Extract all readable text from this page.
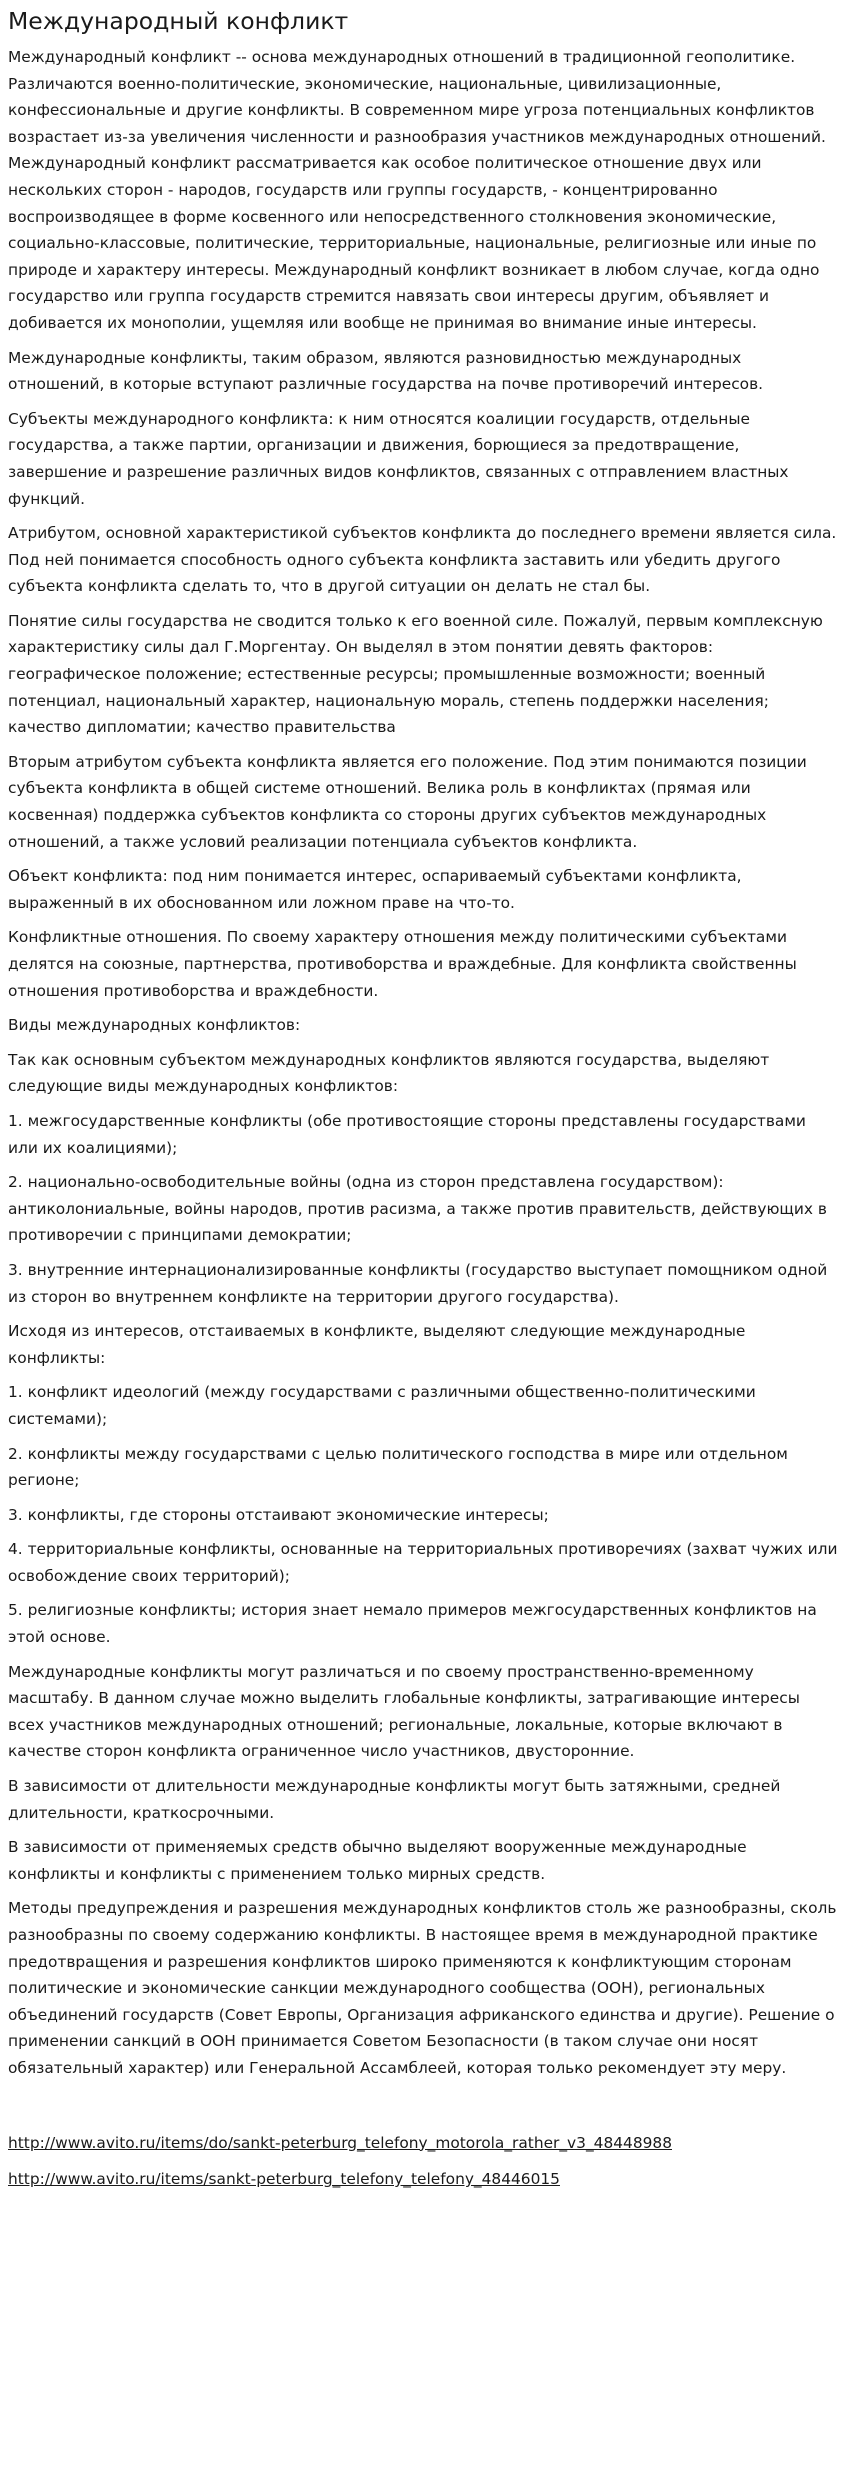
Международный конфликт

Международный конфликт -- основа международных отношений в традиционной геополитике. Различаются военно-политические, экономические, национальные, цивилизационные, конфессиональные и другие конфликты. В современном мире угроза потенциальных конфликтов возрастает из-за увеличения численности и разнообразия участников международных отношений. Международный конфликт рассматривается как особое политическое отношение двух или нескольких сторон - народов, государств или группы государств, - концентрированно воспроизводящее в форме косвенного или непосредственного столкновения экономические, социально-классовые, политические, территориальные, национальные, религиозные или иные по природе и характеру интересы. Международный конфликт возникает в любом случае, когда одно государство или группа государств стремится навязать свои интересы другим, объявляет и добивается их монополии, ущемляя или вообще не принимая во внимание иные интересы.

Международные конфликты, таким образом, являются разновидностью международных отношений, в которые вступают различные государства на почве противоречий интересов.

Субъекты международного конфликта: к ним относятся коалиции государств, отдельные государства, а также партии, организации и движения, борющиеся за предотвращение, завершение и разрешение различных видов конфликтов, связанных с отправлением властных функций.

Атрибутом, основной характеристикой субъектов конфликта до последнего времени является сила. Под ней понимается способность одного субъекта конфликта заставить или убедить другого субъекта конфликта сделать то, что в другой ситуации он делать не стал бы.

Понятие силы государства не сводится только к его военной силе. Пожалуй, первым комплексную характеристику силы дал Г.Моргентау. Он выделял в этом понятии девять факторов: географическое положение; естественные ресурсы; промышленные возможности; военный потенциал, национальный характер, национальную мораль, степень поддержки населения; качество дипломатии; качество правительства

Вторым атрибутом субъекта конфликта является его положение. Под этим понимаются позиции субъекта конфликта в общей системе отношений. Велика роль в конфликтах (прямая или косвенная) поддержка субъектов конфликта со стороны других субъектов международных отношений, а также условий реализации потенциала субъектов конфликта.

Объект конфликта: под ним понимается интерес, оспариваемый субъектами конфликта, выраженный в их обоснованном или ложном праве на что-то.

Конфликтные отношения. По своему характеру отношения между политическими субъектами делятся на союзные, партнерства, противоборства и враждебные. Для конфликта свойственны отношения противоборства и враждебности.

Виды международных конфликтов:

Так как основным субъектом международных конфликтов являются государства, выделяют следующие виды международных конфликтов:

1. межгосударственные конфликты (обе противостоящие стороны представлены государствами или их коалициями);

2. национально-освободительные войны (одна из сторон представлена государством): антиколониальные, войны народов, против расизма, а также против правительств, действующих в противоречии с принципами демократии;

3. внутренние интернационализированные конфликты (государство выступает помощником одной из сторон во внутреннем конфликте на территории другого государства).

Исходя из интересов, отстаиваемых в конфликте, выделяют следующие международные конфликты:

1. конфликт идеологий (между государствами с различными общественно-политическими системами);

2. конфликты между государствами с целью политического господства в мире или отдельном регионе;

3. конфликты, где стороны отстаивают экономические интересы;

4. территориальные конфликты, основанные на территориальных противоречиях (захват чужих или освобождение своих территорий);

5. религиозные конфликты; история знает немало примеров межгосударственных конфликтов на этой основе.

Международные конфликты могут различаться и по своему пространственно-временному масштабу. В данном случае можно выделить глобальные конфликты, затрагивающие интересы всех участников международных отношений; региональные, локальные, которые включают в качестве сторон конфликта ограниченное число участников, двусторонние.

В зависимости от длительности международные конфликты могут быть затяжными, средней длительности, краткосрочными.

В зависимости от применяемых средств обычно выделяют вооруженные международные конфликты и конфликты с применением только мирных средств.

Методы предупреждения и разрешения международных конфликтов столь же разнообразны, сколь разнообразны по своему содержанию конфликты. В настоящее время в международной практике предотвращения и разрешения конфликтов широко применяются к конфликтующим сторонам политические и экономические санкции международного сообщества (ООН), региональных объединений государств (Совет Европы, Организация африканского единства и другие). Решение о применении санкций в ООН принимается Советом Безопасности (в таком случае они носят обязательный характер) или Генеральной Ассамблеей, которая только рекомендует эту меру.

http://www.avito.ru/items/do/sankt-peterburg_telefony_motorola_rather_v3_48448988

http://www.avito.ru/items/sankt-peterburg_telefony_telefony_48446015
